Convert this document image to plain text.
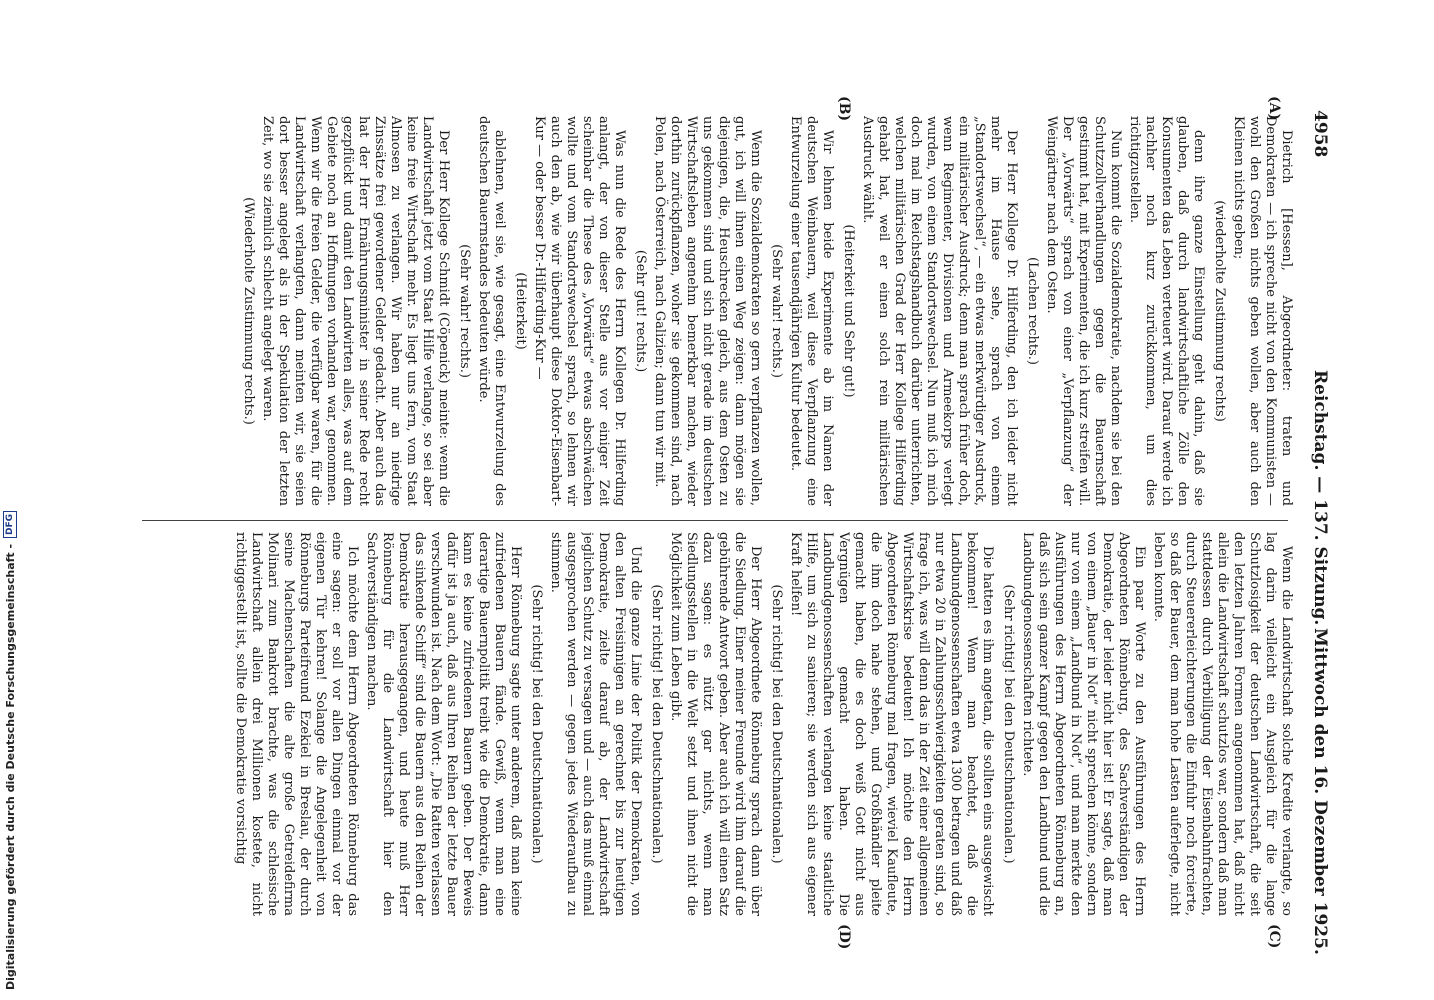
4958
Reichstag. — 137. Sitzung.
Mittwoch den 16. Dezember 1925.
(A)
(B)
(C)
(D)

Dietrich [Hessen], Abgeordneter: traten und Demokraten — ich spreche nicht von den Kommunisten — wohl den Großen nichts geben wollen, aber auch den Kleinen nichts geben;

(wiederholte Zustimmung rechts)

denn ihre ganze Einstellung geht dahin, daß sie glauben, daß durch landwirtschaftliche Zölle den Konsumenten das Leben verteuert wird. Darauf werde ich nachher noch kurz zurückkommen, um dies richtigzustellen.

Nun kommt die Sozialdemokratie, nachdem sie bei den Schutzzollverhandlungen gegen die Bauernschaft gestimmt hat, mit Experimenten, die ich kurz streifen will. Der „Vorwärts“ sprach von einer „Verpflanzung“ der Weingärtner nach dem Osten.

(Lachen rechts.)

Der Herr Kollege Dr. Hilferding, den ich leider nicht mehr im Hause sehe, sprach von einem „Standortswechsel“, — ein etwas merkwürdiger Ausdruck, ein militärischer Ausdruck; denn man sprach früher doch, wenn Regimenter, Divisionen und Armeekorps verlegt wurden, von einem Standortswechsel. Nun muß ich mich doch mal im Reichstagshandbuch darüber unterrichten, welchen militärischen Grad der Herr Kollege Hilferding gehabt hat, weil er einen solch rein militärischen Ausdruck wählt.

(Heiterkeit und Sehr gut!)

Wir lehnen beide Experimente ab im Namen der deutschen Weinbauern, weil diese Verpflanzung eine Entwurzelung einer tausendjährigen Kultur bedeutet.

(Sehr wahr! rechts.)

Wenn die Sozialdemokraten so gern verpflanzen wollen, gut, ich will ihnen einen Weg zeigen: dann mögen sie diejenigen, die, Heuschrecken gleich, aus dem Osten zu uns gekommen sind und sich nicht gerade im deutschen Wirtschaftsleben angenehm bemerkbar machen, wieder dorthin zurückpflanzen, woher sie gekommen sind, nach Polen, nach Österreich, nach Galizien; dann tun wir mit.

(Sehr gut! rechts.)

Was nun die Rede des Herrn Kollegen Dr. Hilferding anlangt, der von dieser Stelle aus vor einiger Zeit scheinbar die These des „Vorwärts“ etwas abschwächen wollte und vom Standortswechsel sprach, so lehnen wir auch den ab, wie wir überhaupt diese Doktor-Eisenbart-Kur — oder besser Dr.-Hilferding-Kur —

(Heiterkeit)

ablehnen, weil sie, wie gesagt, eine Entwurzelung des deutschen Bauernstandes bedeuten würde.

(Sehr wahr! rechts.)

Der Herr Kollege Schmidt (Cöpenick) meinte: wenn die Landwirtschaft jetzt vom Staat Hilfe verlange, so sei aber keine freie Wirtschaft mehr. Es liegt uns fern, vom Staat Almosen zu verlangen. Wir haben nur an niedrige Zinssätze frei gewordener Gelder gedacht. Aber auch das hat der Herr Ernährungsminister in seiner Rede recht gezpflückt und damit den Landwirten alles, was auf dem Gebiete noch an Hoffnungen vorhanden war, genommen. Wenn wir die freien Gelder, die verfügbar waren, für die Landwirtschaft verlangten, dann meinten wir, sie seien dort besser angelegt als in der Spekulation der letzten Zeit, wo sie ziemlich schlecht angelegt waren.

(Wiederholte Zustimmung rechts.)

Wenn die Landwirtschaft solche Kredite verlangte, so lag darin vielleicht ein Ausgleich für die lange Schutzlosigkeit der deutschen Landwirtschaft, die seit den letzten Jahren Formen angenommen hat, daß nicht allein die Landwirtschaft schutzlos war, sondern daß man stattdessen durch Verbilligung der Eisenbahnfrachten, durch Steuererleichterungen die Einfuhr noch forcierte, so daß der Bauer, dem man hohe Lasten auferlegte, nicht leben konnte.

Ein paar Worte zu den Ausführungen des Herrn Abgeordneten Rönneburg, des Sachverständigen der Demokratie, der leider nicht hier ist! Er sagte, daß man von einem „Bauer in Not“ nicht sprechen könne, sondern nur von einem „Landbund in Not“, und man merkte den Ausführungen des Herrn Abgeordneten Rönneburg an, daß sich sein ganzer Kampf gegen den Landbund und die Landbundgenossenschaften richtete.

(Sehr richtig! bei den Deutschnationalen.)

Die hatten es ihm angetan, die sollten eins ausgewischt bekommen! Wenn man beachtet, daß die Landbundgenossenschaften etwa 1300 betragen und daß nur etwa 20 in Zahlungsschwierigkeiten geraten sind, so frage ich, was will denn das in der Zeit einer allgemeinen Wirtschaftskrise bedeuten! Ich möchte den Herrn Abgeordneten Rönneburg mal fragen, wieviel Kaufleute, die ihm doch nahe stehen, und Großhändler pleite gemacht haben, die es doch weiß Gott nicht aus Vergnügen gemacht haben. Die Landbundgenossenschaften verlangen keine staatliche Hilfe, um sich zu sanieren; sie werden sich aus eigener Kraft helfen!

(Sehr richtig! bei den Deutschnationalen.)

Der Herr Abgeordnete Rönneburg sprach dann über die Siedlung. Einer meiner Freunde wird ihm darauf die gebührende Antwort geben. Aber auch ich will einen Satz dazu sagen: es nützt gar nichts, wenn man Siedlungsstellen in die Welt setzt und ihnen nicht die Möglichkeit zum Leben gibt.

(Sehr richtig! bei den Deutschnationalen.)

Und die ganze Linie der Politik der Demokraten, von den alten Freisinnigen an gerechnet bis zur heutigen Demokratie, zielte darauf ab, der Landwirtschaft jeglichen Schutz zu versagen und — auch das muß einmal ausgesprochen werden — gegen jedes Wiederaufbau zu stimmen.

(Sehr richtig! bei den Deutschnationalen.)

Herr Rönneburg sagte unter anderem, daß man keine zufriedenen Bauern fände. Gewiß, wenn man eine derartige Bauernpolitik treibt wie die Demokratie, dann kann es keine zufriedenen Bauern geben. Der Beweis dafür ist ja auch, daß aus Ihren Reihen der letzte Bauer verschwunden ist. Nach dem Wort: „Die Ratten verlassen das sinkende Schiff“ sind die Bauern aus den Reihen der Demokratie herausgegangen, und heute muß Herr Rönneburg für die Landwirtschaft hier den Sachverständigen machen.

Ich möchte dem Herrn Abgeordneten Rönneburg das eine sagen: er soll vor allen Dingen einmal vor der eigenen Tür kehren! Solange die Angelegenheit von Rönneburgs Parteifreund Ezekiel in Breslau, der durch seine Machenschaften die alte große Getreidefirma Molinari zum Bankrott brachte, was die schlesische Landwirtschaft allein drei Millionen kostete, nicht richtiggestellt ist, sollte die Demokratie vorsichtig

Digitalisierung gefördert durch die Deutsche Forschungsgemeinschaft -
DFG
